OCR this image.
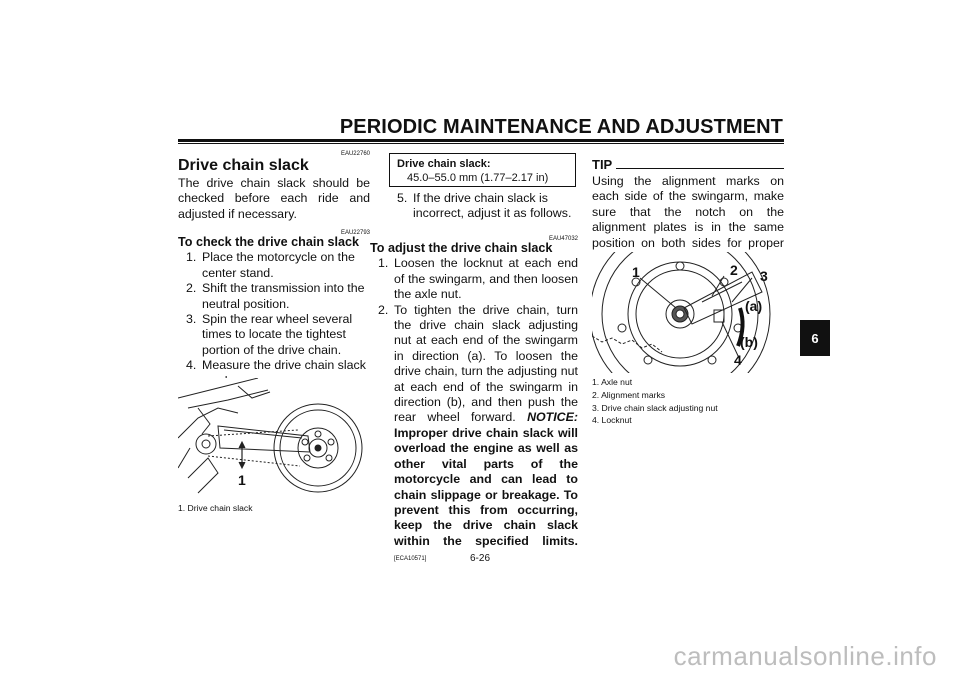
PERIODIC MAINTENANCE AND ADJUSTMENT
6
EAU22760
Drive chain slack
The drive chain slack should be checked before each ride and adjusted if necessary.
EAU22793
To check the drive chain slack
1. Place the motorcycle on the center stand.
2. Shift the transmission into the neutral position.
3. Spin the rear wheel several times to locate the tightest portion of the drive chain.
4. Measure the drive chain slack
1
1. Drive chain slack
Drive chain slack:
45.0–55.0 mm (1.77–2.17 in)
5. If the drive chain slack is incorrect, adjust it as follows.
EAU47032
To adjust the drive chain slack
1. Loosen the locknut at each end of the swingarm, and then loosen the axle nut.
2. To tighten the drive chain, turn the drive chain slack adjusting nut at each end of the swingarm in direction (a). To loosen the drive chain, turn the adjusting nut at each end of the swingarm in direction (b), and then push the rear wheel forward. NOTICE: Improper drive chain slack will overload the engine as well as other vital parts of the motorcycle and can lead to chain slippage or breakage. To prevent this from occurring, keep the drive chain slack within the specified limits. [ECA10571]
TIP
Using the alignment marks on each side of the swingarm, make sure that the notch on the alignment plates is in the same position on both sides for proper
1	2 3
(a)
(b)
4
1. Axle nut
2. Alignment marks
3. Drive chain slack adjusting nut
4. Locknut
6-26
carmanualsonline.info
